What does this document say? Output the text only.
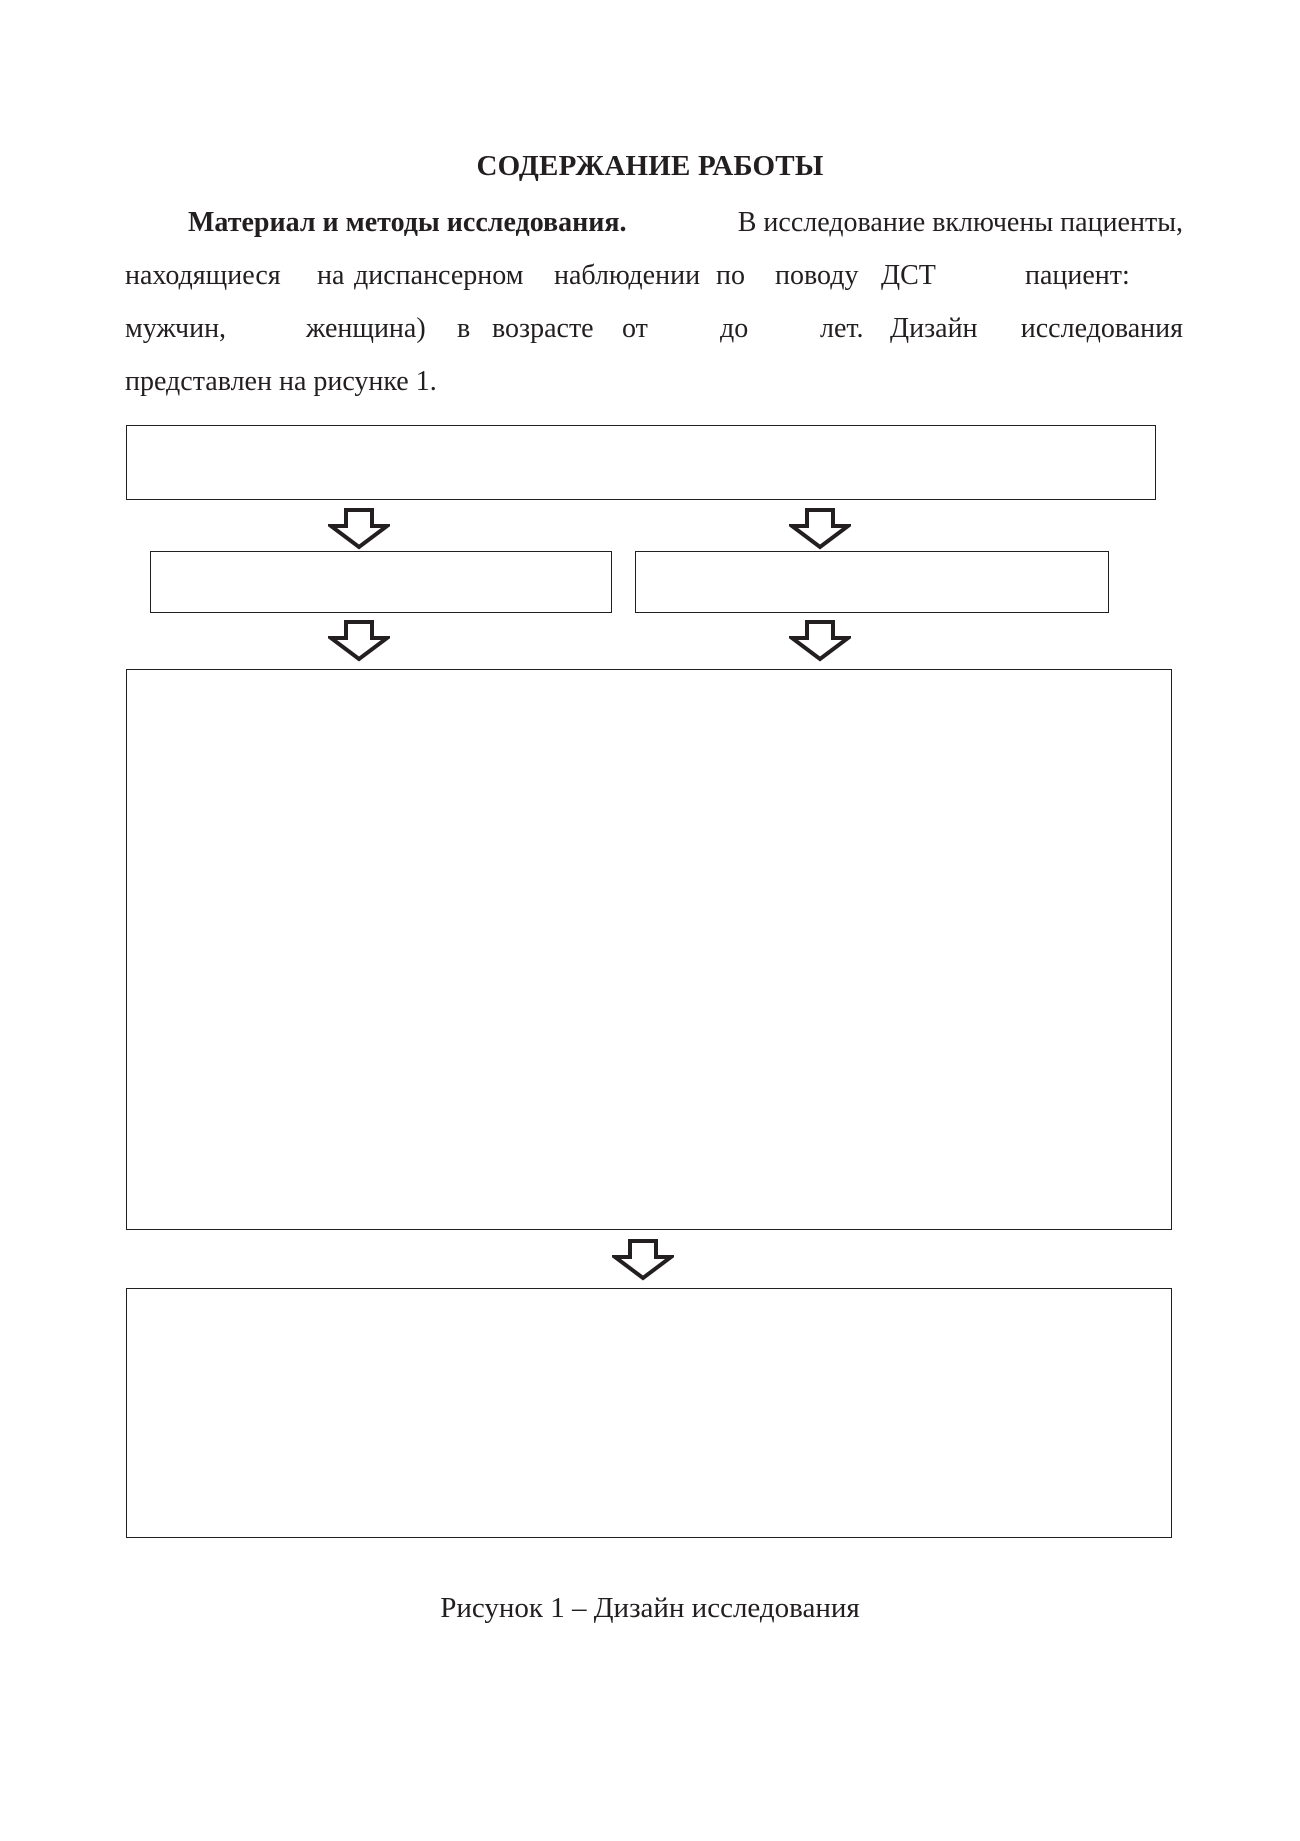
СОДЕРЖАНИЕ РАБОТЫ
Материал и методы исследования.	В исследование включены пациенты,
находящиеся на диспансерном наблюдении по поводу ДСТ	пациент:
мужчин,	женщина) в возрасте от	до	лет. Дизайн исследования
представлен на рисунке 1.
Рисунок 1 – Дизайн исследования
